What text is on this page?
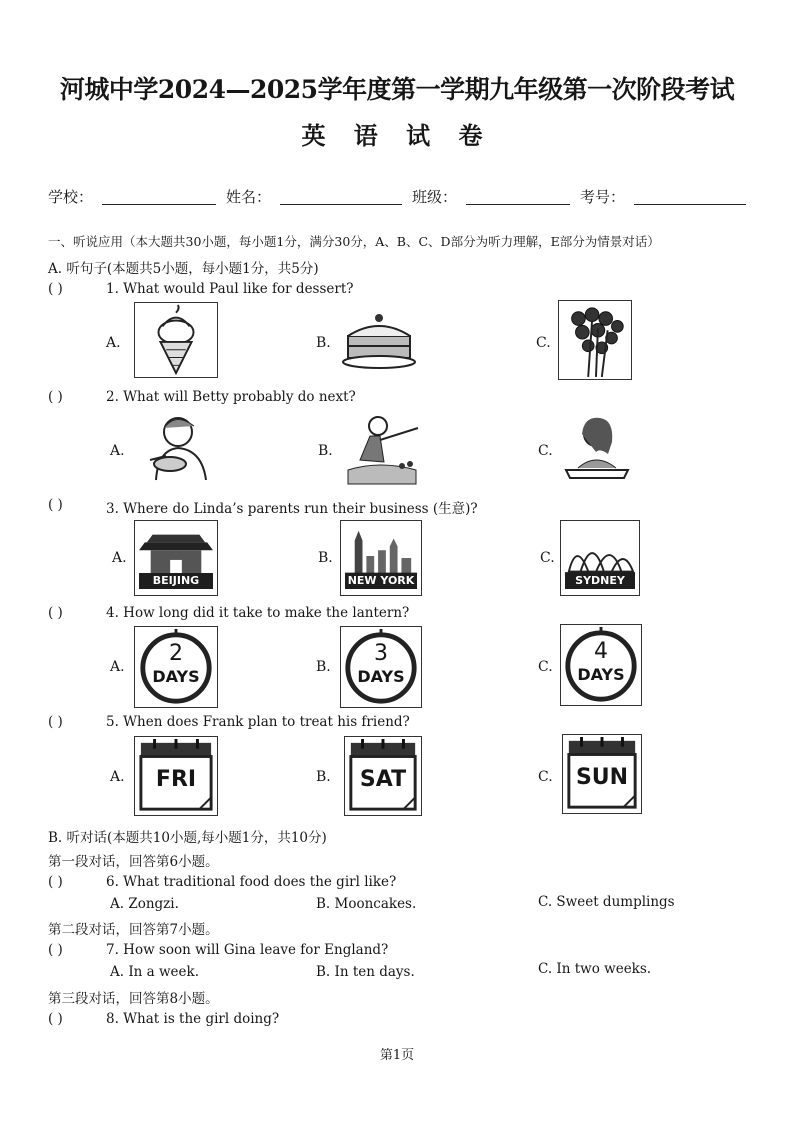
河城中学2024—2025学年度第一学期九年级第一次阶段考试
英 语 试 卷
学校：	姓名：	班级：	考号：
一、听说应用（本大题共30小题，每小题1分，满分30分，A、B、C、D部分为听力理解，E部分为情景对话）
A. 听句子(本题共5小题，每小题1分，共5分)
( )	1. What would Paul like for dessert?
A.	B.	C.
( )	2. What will Betty probably do next?
A.	B.	C.
( )	3. Where do Linda’s parents run their business (生意)?
A.
BEIJING
B.
NEW YORK
C.
SYDNEY
( )	4. How long did it take to make the lantern?
A.
2
DAYS	B.
3
DAYS	C.
4
DAYS
( )	5. When does Frank plan to treat his friend?
A.	FRI	B.	SAT	C.	SUN
B. 听对话(本题共10小题,每小题1分，共10分)
第一段对话，回答第6小题。
( )	6. What traditional food does the girl like?
A. Zongzi.	B. Mooncakes.	C. Sweet dumplings
第二段对话，回答第7小题。
( )	7. How soon will Gina leave for England?
A. In a week.	B. In ten days.	C. In two weeks.
第三段对话，回答第8小题。
( )	8. What is the girl doing?
第1页
